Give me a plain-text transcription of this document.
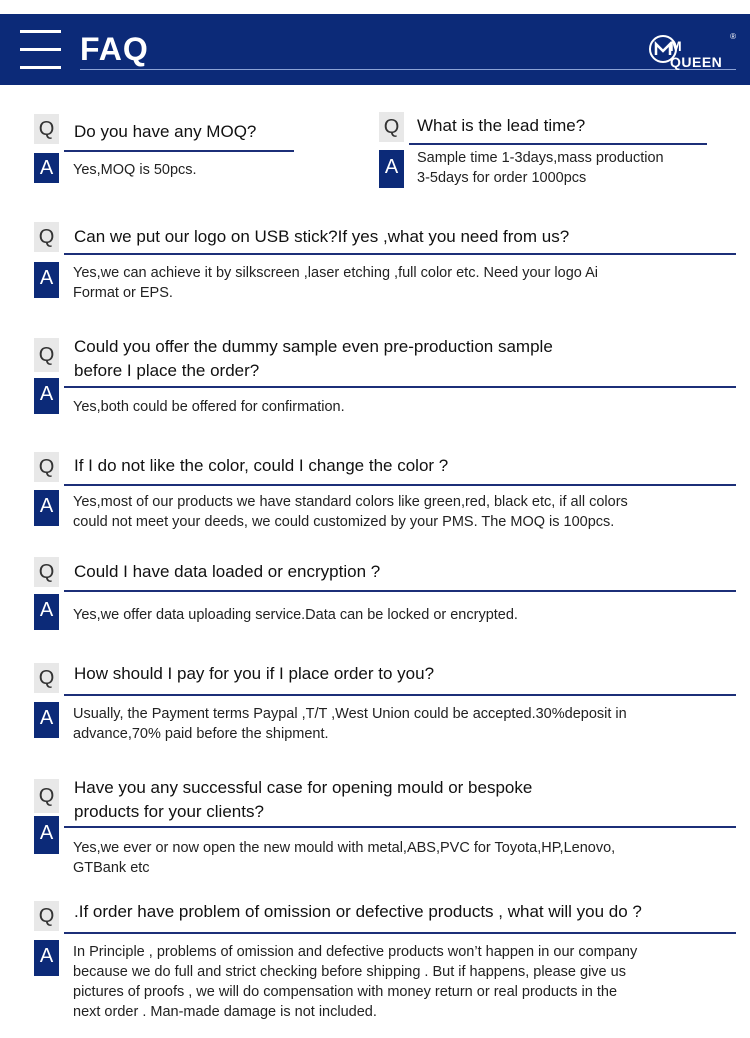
FAQ	M QUEEN
®
Q Do you have any MOQ?
A	Yes,MOQ is 50pcs.
Q What is the lead time?
A	Sample time 1-3days,mass production
3-5days for order 1000pcs
Q Can we put our logo on USB stick?If yes ,what you need from us?
A	Yes,we can achieve it by silkscreen ,laser etching ,full color etc. Need your logo Ai
Format or EPS.
Q Could you offer the dummy sample even pre-production sample
before I place the order?
A
Yes,both could be offered for confirmation.
Q If I do not like the color, could I change the color ?
A	Yes,most of our products we have standard colors like green,red, black etc, if all colors
could not meet your deeds, we could customized by your PMS. The MOQ is 100pcs.
Q Could I have data loaded or encryption ?
A	Yes,we offer data uploading service.Data can be locked or encrypted.
Q How should I pay for you if I place order to you?
A	Usually, the Payment terms Paypal ,T/T ,West Union could be accepted.30%deposit in
advance,70% paid before the shipment.
Q Have you any successful case for opening mould or bespoke
products for your clients?
A
Yes,we ever or now open the new mould with metal,ABS,PVC for Toyota,HP,Lenovo,
GTBank etc
Q .If order have problem of omission or defective products , what will you do ?
A	In Principle , problems of omission and defective products won’t happen in our company
because we do full and strict checking before shipping . But if happens, please give us
pictures of proofs , we will do compensation with money return or real products in the
next order . Man-made damage is not included.
